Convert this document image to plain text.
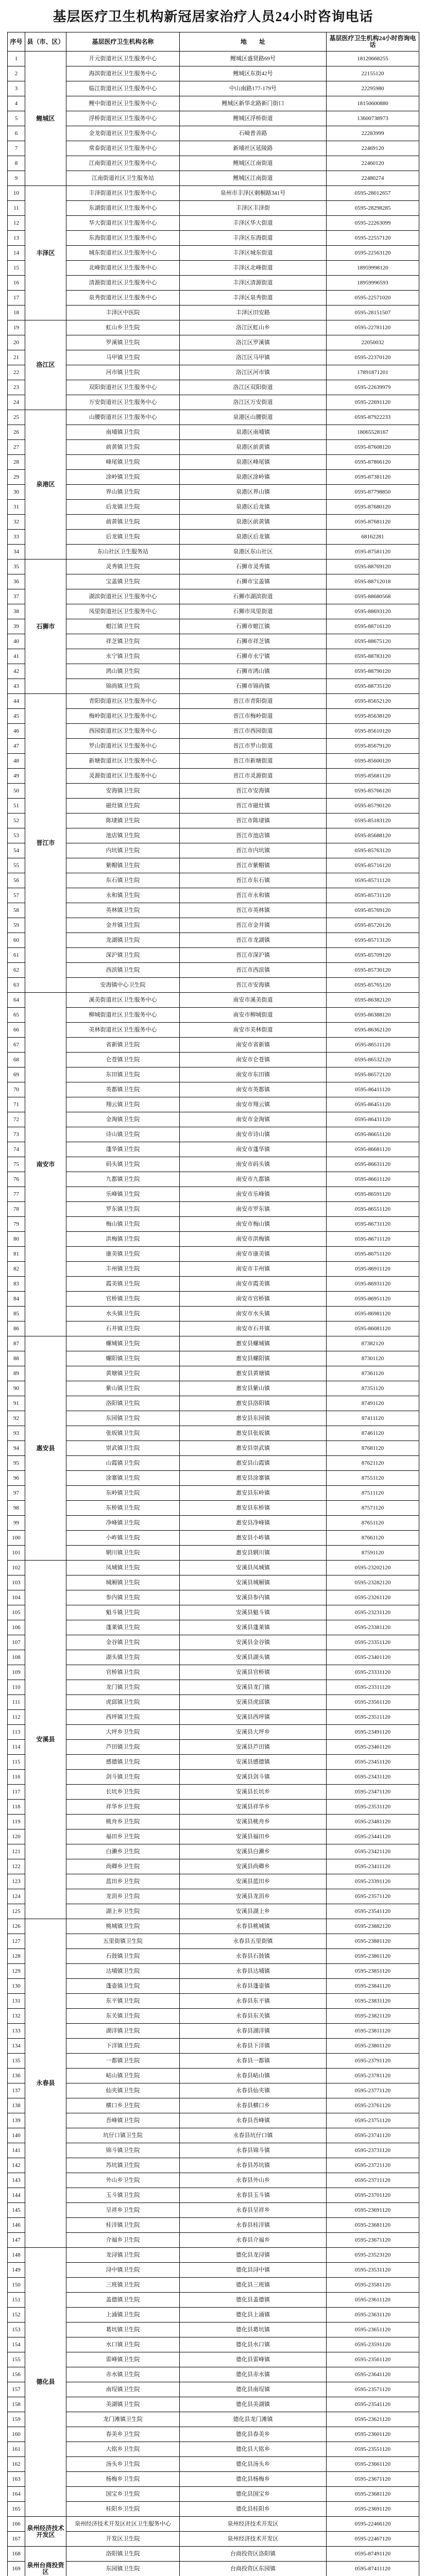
基层医疗卫生机构新冠居家治疗人员24小时咨询电话
序号	县（市、区）	基层医疗卫生机构名称	地　　址	基层医疗卫生机构24小时咨询电话
1	鲤城区	开元街道社区卫生服务中心	鲤城区盛贤路69号	18120668255
2		海滨街道社区卫生服务中心	鲤城区东街42号	22155120
3		临江街道社区卫生服务中心	中山南路177-179号	22295980
4		鲤中街道社区卫生服务中心	鲤城区新华北路新门街口	18150600880
5		浮桥街道社区卫生服务中心	鲤城区浮桥街道	13600738973
6		金龙街道社区卫生服务中心	石崎普善路	22283999
7		常泰街道社区卫生服务中心	新埔社区延陵路	22469120
8		江南街道社区卫生服务中心	鲤城区江南街道	22460120
9		江南街道社区卫生服务站	鲤城区江南街道	22480274
10	丰泽区	丰泽街道社区卫生服务中心	泉州市丰泽区刺桐路341号	0595-28012657
11		东湖街道社区卫生服务中心	丰泽区丰泽街	0595-28298285
12		华大街道社区卫生服务中心	丰泽区华大街道	0595-22263099
13		东海街道社区卫生服务中心	丰泽区东海街道	0595-22557120
14		城东街道社区卫生服务中心	丰泽区城东街道	0595-22563120
15		北峰街道社区卫生服务中心	丰泽区北峰街道	18959998120
16		清源街道社区卫生服务中心	丰泽区清源街道	18959996593
17		泉秀街道社区卫生服务中心	丰泽区泉秀街道	0595-22571020
18		丰泽区中医院	丰泽区田安路	0595-28151507
19	洛江区	虹山乡卫生院	洛江区虹山乡	0595-22781120
20		罗溪镇卫生院	洛江区罗溪镇	22050032
21		马甲镇卫生院	洛江区马甲镇	0595-22370120
22		河市镇卫生院	洛江区河市镇	17891871201
23		双阳街道社区卫生服务中心	洛江区双阳街道	0595-22639979
24		万安街道社区卫生服务中心	洛江区万安街道	0595-22691120
25	泉港区	山腰街道社区卫生服务中心	泉港区山腰街道	0595-87922233
26		南埔镇卫生院	泉港区南埔镇	18065528167
27		前黄镇卫生院	泉港区前黄镇	0595-87608120
28		峰尾镇卫生院	泉港区峰尾镇	0595-87866120
29		涂岭镇卫生院	泉港区涂岭镇	0595-87381120
30		界山镇卫生院	泉港区界山镇	0595-87798850
31		后龙镇卫生院	泉港区后龙镇	0595-87680120
32		前黄镇卫生院	泉港区前黄镇	0595-87681120
33		后龙镇卫生院	泉港区后龙镇	68162281
34		东山社区卫生服务站	泉港区东山社区	0595-87581120
35	石狮市	灵秀镇卫生院	石狮市灵秀镇	0595-88769120
36		宝盖镇卫生院	石狮市宝盖镇	0595-88712018
37		湖滨街道社区卫生服务中心	石狮市湖滨街道	0595-88680568
38		凤里街道社区卫生服务中心	石狮市凤里街道	0595-88693120
39		蚶江镇卫生院	石狮市蚶江镇	0595-88716120
40		祥芝镇卫生院	石狮市祥芝镇	0595-88675120
41		永宁镇卫生院	石狮市永宁镇	0595-88783120
42		鸿山镇卫生院	石狮市鸿山镇	0595-88790120
43		锦尚镇卫生院	石狮市锦尚镇	0595-88735120
44	晋江市	青阳街道社区卫生服务中心	晋江市青阳街道	0595-85652120
45		梅岭街道社区卫生服务中心	晋江市梅岭街道	0595-85638120
46		西园街道社区卫生服务中心	晋江市西园街道	0595-85610120
47		罗山街道社区卫生服务中心	晋江市罗山街道	0595-85679120
48		新塘街道社区卫生服务中心	晋江市新塘街道	0595-85600120
49		灵源街道社区卫生服务中心	晋江市灵源街道	0595-85681120
50		安海镇卫生院	晋江市安海镇	0595-85766120
51		磁灶镇卫生院	晋江市磁灶镇	0595-85790120
52		陈埭镇卫生院	晋江市陈埭镇	0595-85183120
53		池店镇卫生院	晋江市池店镇	0595-85688120
54		内坑镇卫生院	晋江市内坑镇	0595-85763120
55		紫帽镇卫生院	晋江市紫帽镇	0595-85716120
56		东石镇卫生院	晋江市东石镇	0595-85711120
57		永和镇卫生院	晋江市永和镇	0595-85731120
58		英林镇卫生院	晋江市英林镇	0595-85769120
59		金井镇卫生院	晋江市金井镇	0595-85720120
60		龙湖镇卫生院	晋江市龙湖镇	0595-85713120
61		深沪镇卫生院	晋江市深沪镇	0595-85709120
62		西滨镇卫生院	晋江市西滨镇	0595-85730120
63		安海镇中心卫生院	晋江市安海镇	0595-85765120
64	南安市	溪美街道社区卫生服务中心	南安市溪美街道	0595-86382120
65		柳城街道社区卫生服务中心	南安市柳城街道	0595-86388120
66		美林街道社区卫生服务中心	南安市美林街道	0595-86362120
67		省新镇卫生院	南安市省新镇	0595-86511120
68		仑苍镇卫生院	南安市仑苍镇	0595-86532120
69		东田镇卫生院	南安市东田镇	0595-86572120
70		英都镇卫生院	南安市英都镇	0595-86411120
71		翔云镇卫生院	南安市翔云镇	0595-86451120
72		金淘镇卫生院	南安市金淘镇	0595-86431120
73		诗山镇卫生院	南安市诗山镇	0595-86651120
74		蓬华镇卫生院	南安市蓬华镇	0595-86681120
75		码头镇卫生院	南安市码头镇	0595-86631120
76		九都镇卫生院	南安市九都镇	0595-86611120
77		乐峰镇卫生院	南安市乐峰镇	0595-86591120
78		罗东镇卫生院	南安市罗东镇	0595-86551120
79		梅山镇卫生院	南安市梅山镇	0595-86731120
80		洪梅镇卫生院	南安市洪梅镇	0595-86711120
81		康美镇卫生院	南安市康美镇	0595-86751120
82		丰州镇卫生院	南安市丰州镇	0595-86911120
83		霞美镇卫生院	南安市霞美镇	0595-86931120
84		官桥镇卫生院	南安市官桥镇	0595-86951120
85		水头镇卫生院	南安市水头镇	0595-86981120
86		石井镇卫生院	南安市石井镇	0595-86081120
87	惠安县	螺城镇卫生院	惠安县螺城镇	87382120
88		螺阳镇卫生院	惠安县螺阳镇	87301120
89		黄塘镇卫生院	惠安县黄塘镇	87361120
90		紫山镇卫生院	惠安县紫山镇	87351120
91		洛阳镇卫生院	惠安县洛阳镇	87491120
92		东园镇卫生院	惠安县东园镇	87411120
93		张坂镇卫生院	惠安县张坂镇	87461120
94		崇武镇卫生院	惠安县崇武镇	87681120
95		山霞镇卫生院	惠安县山霞镇	87621120
96		涂寨镇卫生院	惠安县涂寨镇	87551120
97		东岭镇卫生院	惠安县东岭镇	87511120
98		东桥镇卫生院	惠安县东桥镇	87571120
99		净峰镇卫生院	惠安县净峰镇	87651120
100		小岞镇卫生院	惠安县小岞镇	87661120
101		辋川镇卫生院	惠安县辋川镇	87591120
102	安溪县	凤城镇卫生院	安溪县凤城镇	0595-23202120
103		城厢镇卫生院	安溪县城厢镇	0595-23282120
104		参内镇卫生院	安溪县参内镇	0595-23261120
105		魁斗镇卫生院	安溪县魁斗镇	0595-23231120
106		蓬莱镇卫生院	安溪县蓬莱镇	0595-23381120
107		金谷镇卫生院	安溪县金谷镇	0595-23351120
108		湖头镇卫生院	安溪县湖头镇	0595-23401120
109		官桥镇卫生院	安溪县官桥镇	0595-23331120
110		龙门镇卫生院	安溪县龙门镇	0595-23311120
111		虎邱镇卫生院	安溪县虎邱镇	0595-23561120
112		西坪镇卫生院	安溪县西坪镇	0595-23511120
113		大坪乡卫生院	安溪县大坪乡	0595-23491120
114		芦田镇卫生院	安溪县芦田镇	0595-23461120
115		感德镇卫生院	安溪县感德镇	0595-23451120
116		剑斗镇卫生院	安溪县剑斗镇	0595-23431120
117		长坑乡卫生院	安溪县长坑乡	0595-23471120
118		祥华乡卫生院	安溪县祥华乡	0595-23531120
119		桃舟乡卫生院	安溪县桃舟乡	0595-23481120
120		福田乡卫生院	安溪县福田乡	0595-23441120
121		白濑乡卫生院	安溪县白濑乡	0595-23421120
122		尚卿乡卫生院	安溪县尚卿乡	0595-23411120
123		蓝田乡卫生院	安溪县蓝田乡	0595-23391120
124		龙涓乡卫生院	安溪县龙涓乡	0595-23571120
125		湖上乡卫生院	安溪县湖上乡	0595-23541120
126	永春县	桃城镇卫生院	永春县桃城镇	0595-23882120
127		五里街镇卫生院	永春县五里街镇	0595-23881120
128		石鼓镇卫生院	永春县石鼓镇	0595-23861120
129		达埔镇卫生院	永春县达埔镇	0595-23851120
130		蓬壶镇卫生院	永春县蓬壶镇	0595-23841120
131		东平镇卫生院	永春县东平镇	0595-23831120
132		东关镇卫生院	永春县东关镇	0595-23821120
133		湖洋镇卫生院	永春县湖洋镇	0595-23811120
134		下洋镇卫生院	永春县下洋镇	0595-23801120
135		一都镇卫生院	永春县一都镇	0595-23791120
136		岵山镇卫生院	永春县岵山镇	0595-23781120
137		仙夹镇卫生院	永春县仙夹镇	0595-23771120
138		横口乡卫生院	永春县横口乡	0595-23761120
139		吾峰镇卫生院	永春县吾峰镇	0595-23751120
140		坑仔口镇卫生院	永春县坑仔口镇	0595-23741120
141		锦斗镇卫生院	永春县锦斗镇	0595-23731120
142		苏坑镇卫生院	永春县苏坑镇	0595-23721120
143		外山乡卫生院	永春县外山乡	0595-23711120
144		玉斗镇卫生院	永春县玉斗镇	0595-23701120
145		呈祥乡卫生院	永春县呈祥乡	0595-23691120
146		桂洋镇卫生院	永春县桂洋镇	0595-23681120
147		介福乡卫生院	永春县介福乡	0595-23671120
148	德化县	龙浔镇卫生院	德化县龙浔镇	0595-23523120
149		浔中镇卫生院	德化县浔中镇	0595-23531120
150		三班镇卫生院	德化县三班镇	0595-23581120
151		盖德镇卫生院	德化县盖德镇	0595-23611120
152		上涌镇卫生院	德化县上涌镇	0595-23631120
153		葛坑镇卫生院	德化县葛坑镇	0595-23651120
154		水口镇卫生院	德化县水口镇	0595-23591120
155		雷峰镇卫生院	德化县雷峰镇	0595-23561120
156		赤水镇卫生院	德化县赤水镇	0595-23641120
157		南埕镇卫生院	德化县南埕镇	0595-23571120
158		美湖镇卫生院	德化县美湖镇	0595-23541120
159		龙门滩镇卫生院	德化县龙门滩镇	0595-23621120
160		春美乡卫生院	德化县春美乡	0595-23601120
161		大铭乡卫生院	德化县大铭乡	0595-23551120
162		汤头乡卫生院	德化县汤头乡	0595-23661120
163		杨梅乡卫生院	德化县杨梅乡	0595-23671120
164		国宝乡卫生院	德化县国宝乡	0595-23681120
165		桂阳乡卫生院	德化县桂阳乡	0595-23691120
166	泉州经济技术开发区	泉州经济技术开发区社区卫生服务中心	泉州经济技术开发区	0595-22466120
167		开发区卫生院	泉州经济技术开发区	0595-22467120
168	泉州台商投资区	洛阳镇卫生院	台商投资区洛阳镇	0595-87491120
169		东园镇卫生院	台商投资区东园镇	0595-87411120
